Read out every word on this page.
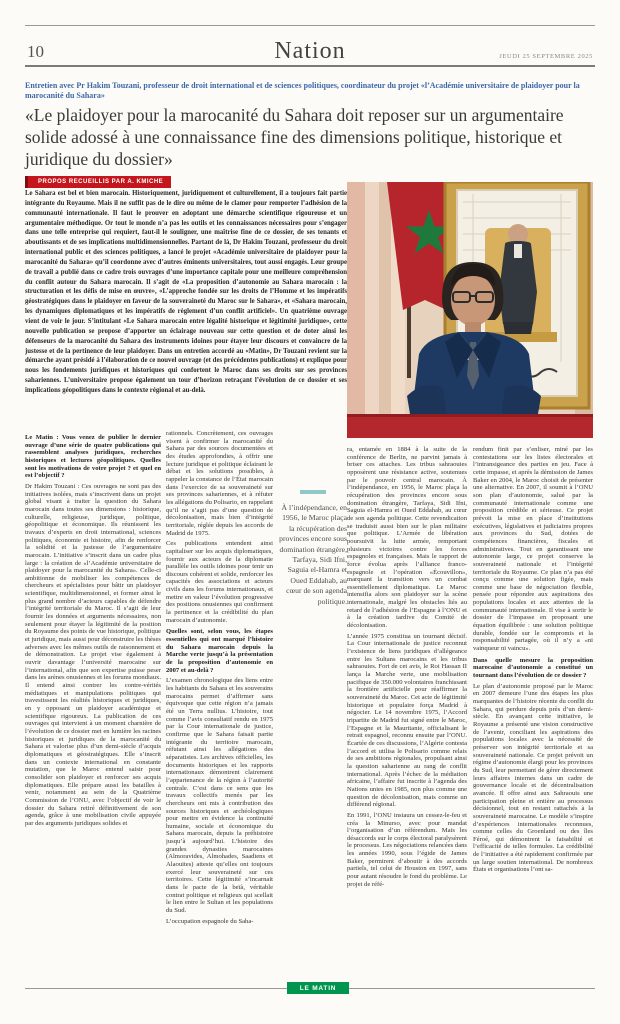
10	Nation	JEUDI 25 SEPTEMBRE 2025
Entretien avec Pr Hakim Touzani, professeur de droit international et de sciences politiques, coordinateur du projet «l’Académie universitaire de plaidoyer pour la marocanité du Sahara»
«Le plaidoyer pour la marocanité du Sahara doit reposer sur un argumentaire solide adossé à une connaissance fine des dimensions politique, historique et juridique du dossier»
PROPOS RECUEILLIS PAR A. KMICHE
Le Sahara est bel et bien marocain. Historiquement, juridiquement et culturellement, il a toujours fait partie intégrante du Royaume. Mais il ne suffit pas de le dire ou même de le clamer pour remporter l’adhésion de la communauté internationale. Il faut le prouver en adoptant une démarche scientifique rigoureuse et un argumentaire méthodique. Or tout le monde n’a pas les outils et les connaissances nécessaires pour s’engager dans une telle entreprise qui requiert, faut-il le souligner, une maîtrise fine de ce dossier, de ses tenants et aboutissants et de ses implications multidimensionnelles. Partant de là, Dr Hakim Touzani, professeur du droit international public et des sciences politiques, a lancé le projet «Académie universitaire de plaidoyer pour la marocanité du Sahara» qu’il coordonne avec d’autres éminents universitaires, tout aussi engagés. Leur groupe de travail a publié dans ce cadre trois ouvrages d’une importance capitale pour une meilleure compréhension du conflit autour du Sahara marocain. Il s’agit de «La proposition d’autonomie au Sahara marocain : la structuration et les défis de mise en œuvre», «L’approche fondée sur les droits de l’Homme et les impératifs géostratégiques dans le plaidoyer en faveur de la souveraineté du Maroc sur le Sahara», et «Sahara marocain, les dynamiques diplomatiques et les impératifs de règlement d’un conflit artificiel». Un quatrième ouvrage vient de voir le jour. S’intitulant «Le Sahara marocain entre légalité historique et légitimité juridique», cette nouvelle publication se propose d’apporter un éclairage nouveau sur cette question et de doter ainsi les défenseurs de la marocanité du Sahara des instruments idoines pour étayer leur discours et convaincre de la justesse et de la pertinence de leur plaidoyer. Dans un entretien accordé au «Matin», Dr Touzani revient sur la démarche ayant présidé à l’élaboration de ce nouvel ouvrage (et des précédentes publications) et explique pour nous les fondements juridiques et historiques qui confortent le Maroc dans ses droits sur ses provinces sahariennes. L’universitaire propose également un tour d’horizon retraçant l’évolution de ce dossier et ses implications géopolitiques dans le contexte régional et au-delà.

À l’indépendance, en 1956, le Maroc plaça la récupération des provinces encore sous domination étrangère, Tarfaya, Sidi Ifni, Saguia el-Hamra et Oued Eddahab, au cœur de son agenda politique.

Le Matin : Vous venez de publier le dernier ouvrage d’une série de quatre publications qui rassemblent analyses juridiques, recherches historiques et lectures géopolitiques. Quelles sont les motivations de votre projet ? et quel en est l’objectif ?

Dr Hakim Touzani : Ces ouvrages ne sont pas des initiatives isolées, mais s’inscrivent dans un projet global visant à traiter la question du Sahara marocain dans toutes ses dimensions : historique, culturelle, religieuse, juridique, politique, géopolitique et économique. Ils réunissent les travaux d’experts en droit international, sciences politiques, économie et histoire, afin de renforcer la solidité et la justesse de l’argumentaire marocain. L’initiative s’inscrit dans un cadre plus large : la création de «l’Académie universitaire de plaidoyer pour la marocanité du Sahara». Celle-ci ambitionne de mobiliser les compétences de chercheurs et spécialistes pour bâtir un plaidoyer scientifique, multidimensionnel, et former ainsi le plus grand nombre d’acteurs capables de défendre l’intégrité territoriale du Maroc. Il s’agit de leur fournir les données et arguments nécessaires, non seulement pour étayer la légitimité de la position du Royaume des points de vue historique, politique et juridique, mais aussi pour déconstruire les thèses adverses avec les mêmes outils de raisonnement et de démonstration. Le projet vise également à ouvrir davantage l’université marocaine sur l’international, afin que son expertise puisse peser dans les arènes onusiennes et les forums mondiaux. Il entend ainsi contrer les contre-vérités médiatiques et manipulations politiques qui travestissent les réalités historiques et juridiques, en y opposant un plaidoyer académique et scientifique rigoureux. La publication de ces ouvrages qui intervient à un moment charnière de l’évolution de ce dossier met en lumière les racines historiques et juridiques de la marocanité du Sahara et valorise plus d’un demi-siècle d’acquis diplomatiques et géostratégiques. Elle s’inscrit dans un contexte international en constante mutation, que le Maroc entend saisir pour consolider son plaidoyer et renforcer ses acquis diplomatiques. Elle prépare aussi les batailles à venir, notamment au sein de la Quatrième Commission de l’ONU, avec l’objectif de voir le dossier du Sahara retiré définitivement de son agenda, grâce à une mobilisation civile appuyée par des arguments juridiques solides et

rationnels. Concrètement, ces ouvrages visent à confirmer la marocanité du Sahara par des sources documentées et des études approfondies, à offrir une lecture juridique et politique éclairant le débat et les solutions possibles, à rappeler la constance de l’État marocain dans l’exercice de sa souveraineté sur ses provinces sahariennes, et à réfuter les allégations du Polisario, en rappelant qu’il ne s’agit pas d’une question de décolonisation, mais bien d’intégrité territoriale, réglée depuis les accords de Madrid de 1975.

Ces publications entendent ainsi capitaliser sur les acquis diplomatiques, fournir aux acteurs de la diplomatie parallèle les outils idoines pour tenir un discours cohérent et solide, renforcer les capacités des associations et acteurs civils dans les forums internationaux, et mettre en valeur l’évolution progressive des positions onusiennes qui confirment la pertinence et la crédibilité du plan marocain d’autonomie.

Quelles sont, selon vous, les étapes essentielles qui ont marqué l’histoire du Sahara marocain depuis la Marche verte jusqu’à la présentation de la proposition d’autonomie en 2007 et au-delà ?

L’examen chronologique des liens entre les habitants du Sahara et les souverains marocains permet d’affirmer sans équivoque que cette région n’a jamais été un Terra nullius. L’histoire, tout comme l’avis consultatif rendu en 1975 par la Cour internationale de justice, confirme que le Sahara faisait partie intégrante du territoire marocain, réfutant ainsi les allégations des séparatistes. Les archives officielles, les documents historiques et les rapports internationaux démontrent clairement l’appartenance de la région à l’autorité centrale. C’est dans ce sens que les travaux collectifs menés par les chercheurs ont mis à contribution des sources historiques et archéologiques pour mettre en évidence la continuité humaine, sociale et économique du Sahara marocain, depuis la préhistoire jusqu’à aujourd’hui. L’histoire des grandes dynasties marocaines (Almoravides, Almohades, Saadiens et Alaouites) atteste qu’elles ont toujours exercé leur souveraineté sur ces territoires. Cette légitimité s’incarnait dans le pacte de la beïà, véritable contrat politique et religieux qui scellait le lien entre le Sultan et les populations du Sud.

L’occupation espagnole du Saha-

ra, entamée en 1884 à la suite de la conférence de Berlin, ne parvint jamais à briser ces attaches. Les tribus sahraouies opposèrent une résistance active, soutenues par le pouvoir central marocain. À l’indépendance, en 1956, le Maroc plaça la récupération des provinces encore sous domination étrangère, Tarfaya, Sidi Ifni, Saguia el-Hamra et Oued Eddahab, au cœur de son agenda politique. Cette revendication se traduisit aussi bien sur le plan militaire que politique. L’Armée de libération poursuivit la lutte armée, remportant plusieurs victoires contre les forces espagnoles et françaises. Mais le rapport de force évolua après l’alliance franco-espagnole et l’opération «Écouvillon», marquant la transition vers un combat essentiellement diplomatique. Le Maroc intensifia alors son plaidoyer sur la scène internationale, malgré les obstacles liés au retard de l’adhésion de l’Espagne à l’ONU et à la création tardive du Comité de décolonisation.

L’année 1975 constitua un tournant décisif. La Cour internationale de justice reconnut l’existence de liens juridiques d’allégeance entre les Sultans marocains et les tribus sahraouies. Fort de cet avis, le Roi Hassan II lança la Marche verte, une mobilisation pacifique de 350.000 volontaires franchissant la frontière artificielle pour réaffirmer la souveraineté du Maroc. Cet acte de légitimité historique et populaire força Madrid à négocier. Le 14 novembre 1975, l’Accord tripartite de Madrid fut signé entre le Maroc, l’Espagne et la Mauritanie, officialisant le retrait espagnol, reconnu ensuite par l’ONU. Écartée de ces discussions, l’Algérie contesta l’accord et utilisa le Polisario comme relais de ses ambitions régionales, propulsant ainsi la question saharienne au rang de conflit international. Après l’échec de la médiation africaine, l’affaire fut inscrite à l’agenda des Nations unies en 1985, non plus comme une question de décolonisation, mais comme un différend régional.

En 1991, l’ONU instaura un cessez-le-feu et créa la Minurso, avec pour mandat l’organisation d’un référendum. Mais les désaccords sur le corps électoral paralysèrent le processus. Les négociations relancées dans les années 1990, sous l’égide de James Baker, permirent d’aboutir à des accords partiels, tel celui de Houston en 1997, sans pour autant résoudre le fond du problème. Le projet de réfé-

rendum finit par s’enliser, miné par les contestations sur les listes électorales et l’intransigeance des parties en jeu. Face à cette impasse, et après la démission de James Baker en 2004, le Maroc choisit de présenter une alternative. En 2007, il soumit à l’ONU son plan d’autonomie, salué par la communauté internationale comme une proposition crédible et sérieuse. Ce projet prévoit la mise en place d’institutions exécutives, législatives et judiciaires propres aux provinces du Sud, dotées de compétences financières, fiscales et administratives. Tout en garantissant une autonomie large, ce projet conserve la souveraineté nationale et l’intégrité territoriale du Royaume. Ce plan n’a pas été conçu comme une solution figée, mais comme une base de négociation flexible, pensée pour répondre aux aspirations des populations locales et aux attentes de la communauté internationale. Il vise à sortir le dossier de l’impasse en proposant une équation équilibrée : une solution politique durable, fondée sur le compromis et la responsabilité partagée, où il n’y a «ni vainqueur ni vaincu».

Dans quelle mesure la proposition marocaine d’autonomie a constitué un tournant dans l’évolution de ce dossier ?

Le plan d’autonomie proposé par le Maroc en 2007 demeure l’une des étapes les plus marquantes de l’histoire récente du conflit du Sahara, qui perdure depuis près d’un demi-siècle. En avançant cette initiative, le Royaume a présenté une vision constructive de l’avenir, conciliant les aspirations des populations locales avec la nécessité de préserver son intégrité territoriale et sa souveraineté nationale. Ce projet prévoit un régime d’autonomie élargi pour les provinces du Sud, leur permettant de gérer directement leurs affaires internes dans un cadre de gouvernance locale et de décentralisation avancée. Il offre ainsi aux Sahraouis une participation pleine et entière au processus décisionnel, tout en restant rattachés à la souveraineté marocaine. Le modèle s’inspire d’expériences internationales reconnues, comme celles du Groenland ou des îles Féroé, qui démontrent la faisabilité et l’efficacité de telles formules. La crédibilité de l’initiative a été rapidement confirmée par un large soutien international. De nombreux États et organisations l’ont sa-

LE MATIN
